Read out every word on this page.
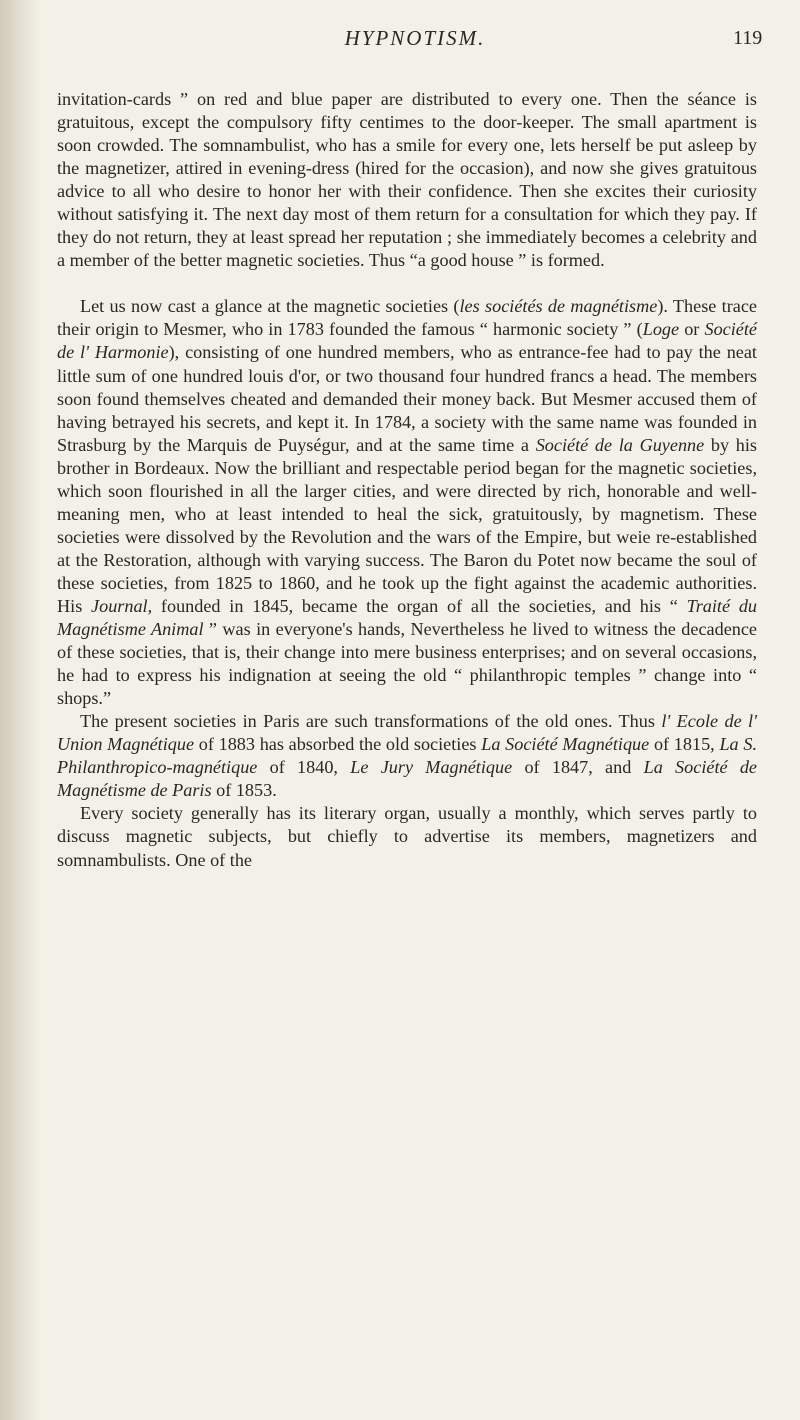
HYPNOTISM.	119

invitation-cards ” on red and blue paper are distributed to every one. Then the séance is gratuitous, except the compulsory fifty centimes to the door-keeper. The small apartment is soon crowded. The somnambulist, who has a smile for every one, lets herself be put asleep by the magnetizer, attired in evening-dress (hired for the occasion), and now she gives gratuitous advice to all who desire to honor her with their confidence. Then she excites their curiosity without satisfying it. The next day most of them return for a consultation for which they pay. If they do not return, they at least spread her reputation ; she immediately becomes a celebrity and a member of the better magnetic societies. Thus “a good house ” is formed.

Let us now cast a glance at the magnetic societies (les sociétés de magnétisme). These trace their origin to Mesmer, who in 1783 founded the famous “ harmonic society ” (Loge or Société de l' Harmonie), consisting of one hundred members, who as entrance-fee had to pay the neat little sum of one hundred louis d'or, or two thousand four hundred francs a head. The members soon found themselves cheated and demanded their money back. But Mesmer accused them of having betrayed his secrets, and kept it. In 1784, a society with the same name was founded in Strasburg by the Marquis de Puységur, and at the same time a Société de la Guyenne by his brother in Bordeaux. Now the brilliant and respectable period began for the magnetic societies, which soon flourished in all the larger cities, and were directed by rich, honorable and well-meaning men, who at least intended to heal the sick, gratuitously, by magnetism. These societies were dissolved by the Revolution and the wars of the Empire, but weie re-established at the Restoration, although with varying success. The Baron du Potet now became the soul of these societies, from 1825 to 1860, and he took up the fight against the academic authorities. His Journal, founded in 1845, became the organ of all the societies, and his “ Traité du Magnétisme Animal ” was in everyone's hands, Nevertheless he lived to witness the decadence of these societies, that is, their change into mere business enterprises; and on several occasions, he had to express his indignation at seeing the old “ philanthropic temples ” change into “ shops.”

The present societies in Paris are such transformations of the old ones. Thus l' Ecole de l' Union Magnétique of 1883 has absorbed the old societies La Société Magnétique of 1815, La S. Philanthropico-magnétique of 1840, Le Jury Magnétique of 1847, and La Société de Magnétisme de Paris of 1853.

Every society generally has its literary organ, usually a monthly, which serves partly to discuss magnetic subjects, but chiefly to advertise its members, magnetizers and somnambulists. One of the
